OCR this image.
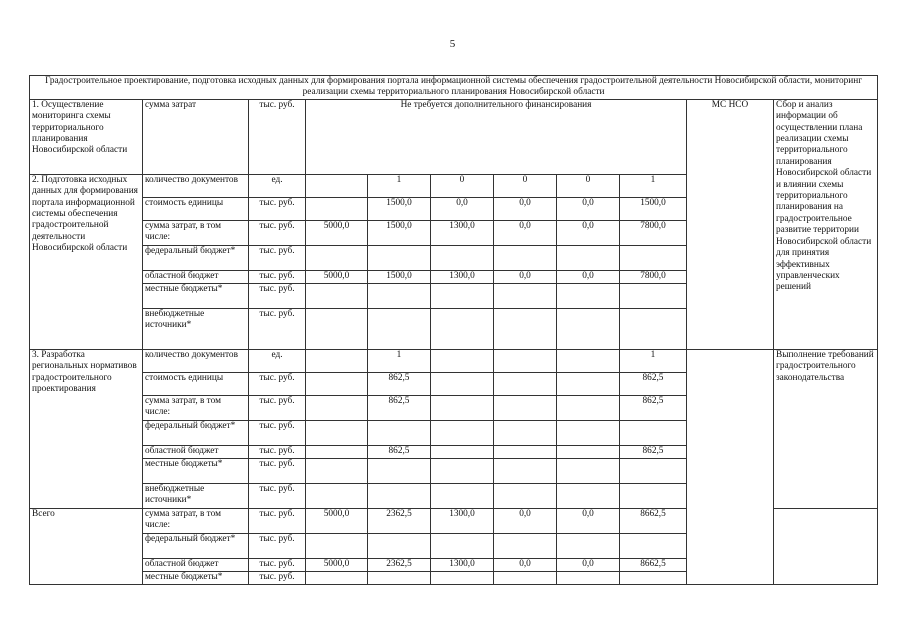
5
Градостроительное проектирование, подготовка исходных данных для формирования портала информационной системы обеспечения градостроительной деятельности Новосибирской области, мониторинг реализации схемы территориального планирования Новосибирской области										
1. Осуществление мониторинга схемы территориального планирования Новосибирской области	сумма затрат	тыс. руб.	Не требуется дополнительного финансирования						МС НСО	Сбор и анализ информации об осуществлении плана реализации схемы территориального планирования Новосибирской области и влиянии схемы территориального планирования на градостроительное развитие территории Новосибирской области для принятия эффективных управленческих решений
2. Подготовка исходных данных для формирования портала информационной системы обеспечения градостроительной деятельности Новосибирской области	количество документов	ед.		1	0	0	0	1		
	стоимость единицы	тыс. руб.		1500,0	0,0	0,0	0,0	1500,0		
	сумма затрат, в том числе:	тыс. руб.	5000,0	1500,0	1300,0	0,0	0,0	7800,0		
	федеральный бюджет*	тыс. руб.								
	областной бюджет	тыс. руб.	5000,0	1500,0	1300,0	0,0	0,0	7800,0		
	местные бюджеты*	тыс. руб.								
	внебюджетные источники*	тыс. руб.								
3. Разработка региональных нормативов градостроительного проектирования	количество документов	ед.		1				1		Выполнение требований градостроительного законодательства
	стоимость единицы	тыс. руб.		862,5				862,5		
	сумма затрат, в том числе:	тыс. руб.		862,5				862,5		
	федеральный бюджет*	тыс. руб.								
	областной бюджет	тыс. руб.		862,5				862,5		
	местные бюджеты*	тыс. руб.								
	внебюджетные источники*	тыс. руб.								
Всего	сумма затрат, в том числе:	тыс. руб.	5000,0	2362,5	1300,0	0,0	0,0	8662,5		
	федеральный бюджет*	тыс. руб.								
	областной бюджет	тыс. руб.	5000,0	2362,5	1300,0	0,0	0,0	8662,5		
	местные бюджеты*	тыс. руб.								
